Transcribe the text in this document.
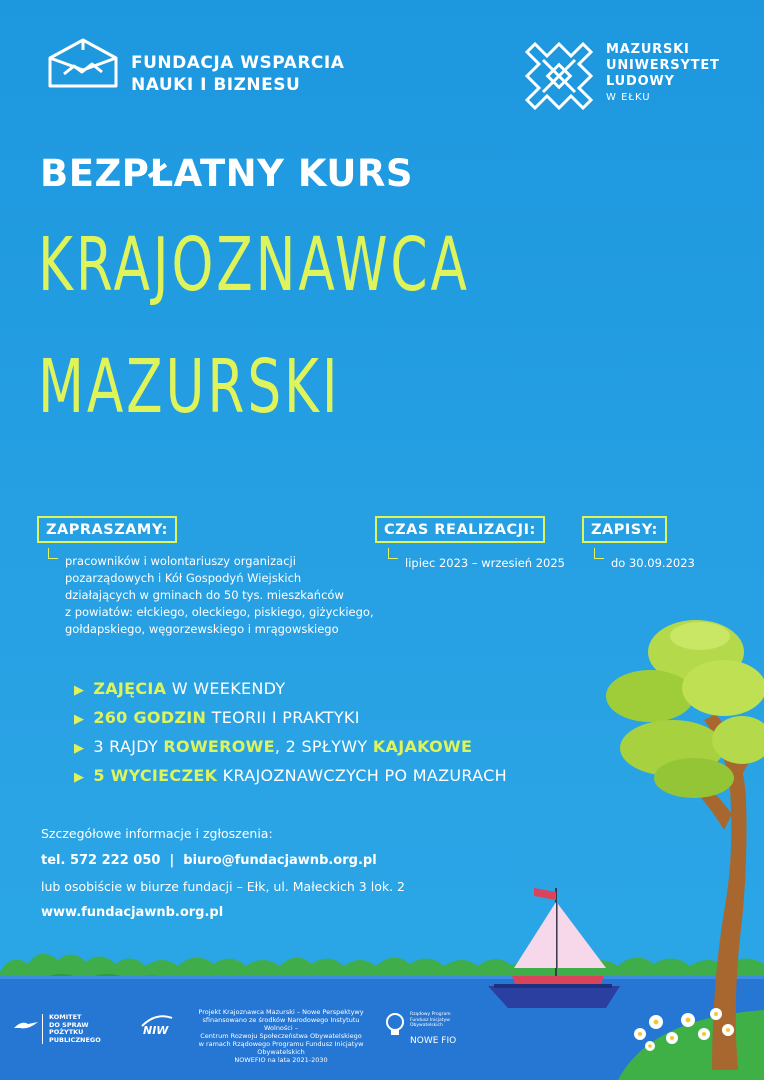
FUNDACJA WSPARCIA
NAUKI I BIZNESU
MAZURSKI
UNIWERSYTET
LUDOWY
W EŁKU
BEZPŁATNY KURS
KRAJOZNAWCA
MAZURSKI
ZAPRASZAMY:
pracowników i wolontariuszy organizacji
pozarządowych i Kół Gospodyń Wiejskich
działających w gminach do 50 tys. mieszkańców
z powiatów: ełckiego, oleckiego, piskiego, giżyckiego,
gołdapskiego, węgorzewskiego i mrągowskiego
CZAS REALIZACJI:
lipiec 2023 – wrzesień 2025
ZAPISY:
do 30.09.2023
▶ ZAJĘCIA W WEEKENDY
▶ 260 GODZIN TEORII I PRAKTYKI
▶ 3 RAJDY ROWEROWE, 2 SPŁYWY KAJAKOWE
▶ 5 WYCIECZEK KRAJOZNAWCZYCH PO MAZURACH
Szczegółowe informacje i zgłoszenia:
tel. 572 222 050  |  biuro@fundacjawnb.org.pl
lub osobiście w biurze fundacji – Ełk, ul. Małeckich 3 lok. 2
www.fundacjawnb.org.pl
KOMITET
DO SPRAW
POŻYTKU
PUBLICZNEGO
NIW
Projekt Krajoznawca Mazurski – Nowe Perspektywy
sfinansowano ze środków Narodowego Instytutu Wolności –
Centrum Rozwoju Społeczeństwa Obywatelskiego
w ramach Rządowego Programu Fundusz Inicjatyw Obywatelskich
NOWEFIO na lata 2021-2030
Rządowy Program
Fundusz Inicjatyw
Obywatelskich
NOWE FIO
